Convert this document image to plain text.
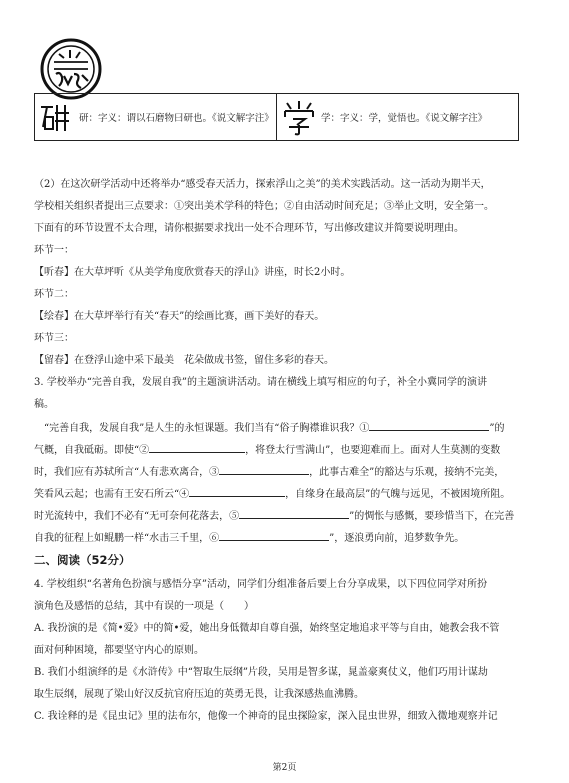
研：字义：谓以石磨物曰研也。《说文解字注》	学：字义：学，觉悟也。《说文解字注》
（2）在这次研学活动中还将举办“感受春天活力，探索浮山之美”的美术实践活动。这一活动为期半天，
学校相关组织者提出三点要求：①突出美术学科的特色；②自由活动时间充足；③举止文明，安全第一。
下面有的环节设置不太合理，请你根据要求找出一处不合理环节，写出修改建议并简要说明理由。
环节一：
【听春】在大草坪听《从美学角度欣赏春天的浮山》讲座，时长2小时。
环节二：
【绘春】在大草坪举行有关“春天”的绘画比赛，画下美好的春天。
环节三：
【留春】在登浮山途中采下最美　花朵做成书签，留住多彩的春天。
3. 学校举办“完善自我，发展自我”的主题演讲活动。请在横线上填写相应的句子，补全小冀同学的演讲
稿。
“完善自我，发展自我”是人生的永恒课题。我们当有“俗子胸襟谁识我？①	”的
气概，自我砥砺。即使“②	，将登太行雪满山”，也要迎难而上。面对人生莫测的变数
时，我们应有苏轼所言“人有悲欢离合，③	，此事古难全”的豁达与乐观，接纳不完美，
笑看风云起；也需有王安石所云“④	，自缘身在最高层”的气魄与远见，不被困境所阻。
时光流转中，我们不必有“无可奈何花落去，⑤	”的惆怅与感慨，要珍惜当下，在完善
自我的征程上如鲲鹏一样“水击三千里，⑥	”，逐浪勇向前，追梦数争先。
二、阅读（52分）
4. 学校组织“名著角色扮演与感悟分享”活动，同学们分组准备后要上台分享成果，以下四位同学对所扮
演角色及感悟的总结，其中有误的一项是（　　）
A. 我扮演的是《简•爱》中的简•爱，她出身低微却自尊自强，始终坚定地追求平等与自由，她教会我不管
面对何种困境，都要坚守内心的原则。
B. 我们小组演绎的是《水浒传》中“智取生辰纲”片段，吴用是智多谋，晁盖豪爽仗义，他们巧用计谋劫
取生辰纲，展现了梁山好汉反抗官府压迫的英勇无畏，让我深感热血沸腾。
C. 我诠释的是《昆虫记》里的法布尔，他像一个神奇的昆虫探险家，深入昆虫世界，细致入微地观察并记
第2页
